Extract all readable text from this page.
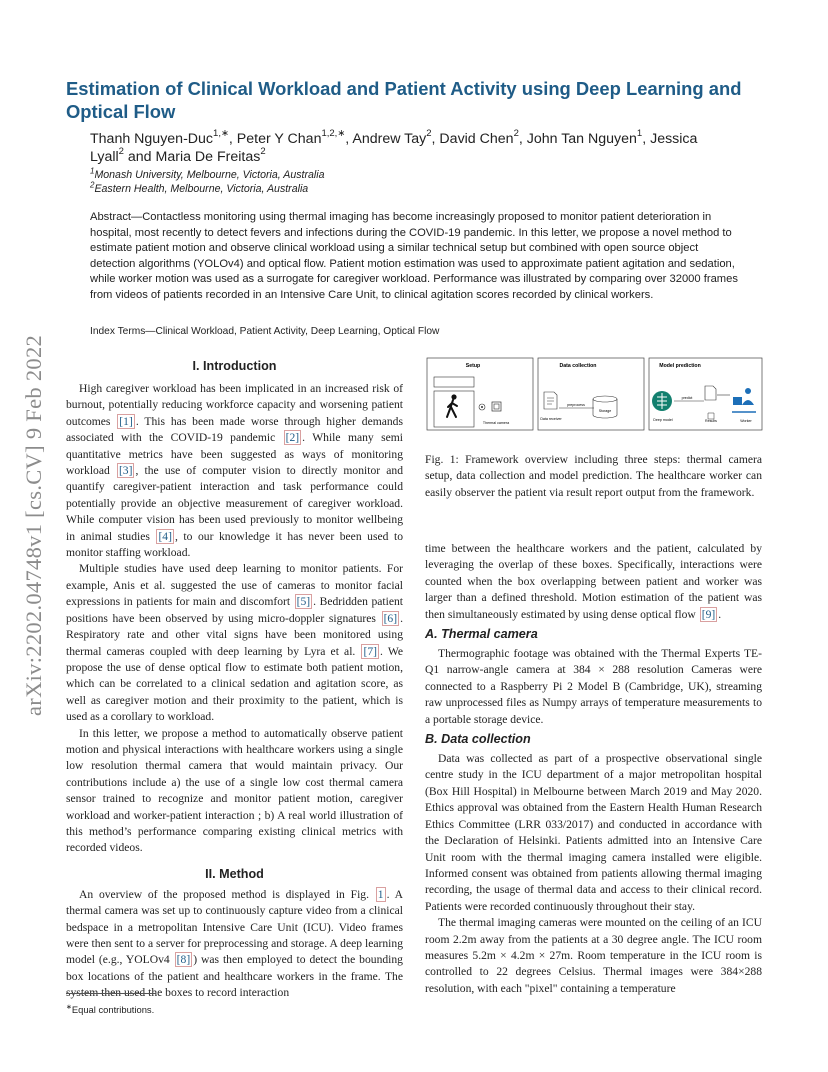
arXiv:2202.04748v1 [cs.CV] 9 Feb 2022
Estimation of Clinical Workload and Patient Activity using Deep Learning and Optical Flow
Thanh Nguyen-Duc$^{1,∗}$, Peter Y Chan$^{1,2,∗}$, Andrew Tay$^2$, David Chen$^2$, John Tan Nguyen$^1$, Jessica
Lyall$^2$ and Maria De Freitas$^2$
$^1$Monash University, Melbourne, Victoria, Australia
$^2$Eastern Health, Melbourne, Victoria, Australia

Abstract—Contactless monitoring using thermal imaging has become increasingly proposed to monitor patient deterioration in hospital, most recently to detect fevers and infections during the COVID-19 pandemic. In this letter, we propose a novel method to estimate patient motion and observe clinical workload using a similar technical setup but combined with open source object detection algorithms (YOLOv4) and optical flow. Patient motion estimation was used to approximate patient agitation and sedation, while worker motion was used as a surrogate for caregiver workload. Performance was illustrated by comparing over 32000 frames from videos of patients recorded in an Intensive Care Unit, to clinical agitation scores recorded by clinical workers.

Index Terms—Clinical Workload, Patient Activity, Deep Learning, Optical Flow

I. Introduction

High caregiver workload has been implicated in an increased risk of burnout, potentially reducing workforce capacity and worsening patient outcomes [1] . This has been made worse through higher demands associated with the COVID-19 pandemic [2] . While many semi quantitative metrics have been suggested as ways of monitoring workload [3] , the use of computer vision to directly monitor and quantify caregiver-patient interaction and task performance could potentially provide an objective measurement of caregiver workload. While computer vision has been used previously to monitor wellbeing in animal studies [4] , to our knowledge it has never been used to monitor staffing workload.

Multiple studies have used deep learning to monitor patients. For example, Anis et al. suggested the use of cameras to monitor facial expressions in patients for main and discomfort [5] . Bedridden patient positions have been observed by using micro-doppler signatures [6] . Respiratory rate and other vital signs have been monitored using thermal cameras coupled with deep learning by Lyra et al. [7] . We propose the use of dense optical flow to estimate both patient motion, which can be correlated to a clinical sedation and agitation score, as well as caregiver motion and their proximity to the patient, which is used as a corollary to workload.

In this letter, we propose a method to automatically observe patient motion and physical interactions with healthcare workers using a single low resolution thermal camera that would maintain privacy. Our contributions include a) the use of a single low cost thermal camera sensor trained to recognize and monitor patient motion, caregiver workload and worker-patient interaction ; b) A real world illustration of this method’s performance comparing existing clinical metrics with recorded videos.

II. Method

An overview of the proposed method is displayed in Fig. 1 . A thermal camera was set up to continuously capture video from a clinical bedspace in a metropolitan Intensive Care Unit (ICU). Video frames were then sent to a server for preprocessing and storage. A deep learning model (e.g., YOLOv4 [8] ) was then employed to detect the bounding box locations of the patient and healthcare workers in the frame. The system then used the boxes to record interaction

Setup	Data collection	Model prediction
Thermal camera
Data receiver
preprocess
Storage
Deep model
predict
Results	Worker

Fig. 1: Framework overview including three steps: thermal camera setup, data collection and model prediction. The healthcare worker can easily observer the patient via result report output from the framework.

time between the healthcare workers and the patient, calculated by leveraging the overlap of these boxes. Specifically, interactions were counted when the box overlapping between patient and worker was larger than a defined threshold. Motion estimation of the patient was then simultaneously estimated by using dense optical flow [9] .

A. Thermal camera

Thermographic footage was obtained with the Thermal Experts TE-Q1 narrow-angle camera at 384 × 288 resolution Cameras were connected to a Raspberry Pi 2 Model B (Cambridge, UK), streaming raw unprocessed files as Numpy arrays of temperature measurements to a portable storage device.

B. Data collection

Data was collected as part of a prospective observational single centre study in the ICU department of a major metropolitan hospital (Box Hill Hospital) in Melbourne between March 2019 and May 2020. Ethics approval was obtained from the Eastern Health Human Research Ethics Committee (LRR 033/2017) and conducted in accordance with the Declaration of Helsinki. Patients admitted into an Intensive Care Unit room with the thermal imaging camera installed were eligible. Informed consent was obtained from patients allowing thermal imaging recording, the usage of thermal data and access to their clinical record. Patients were recorded continuously throughout their stay.

The thermal imaging cameras were mounted on the ceiling of an ICU room 2.2m away from the patients at a 30 degree angle. The ICU room measures 5.2m × 4.2m × 27m. Room temperature in the ICU room is controlled to 22 degrees Celsius. Thermal images were 384×288 resolution, with each "pixel" containing a temperature

∗Equal contributions.
